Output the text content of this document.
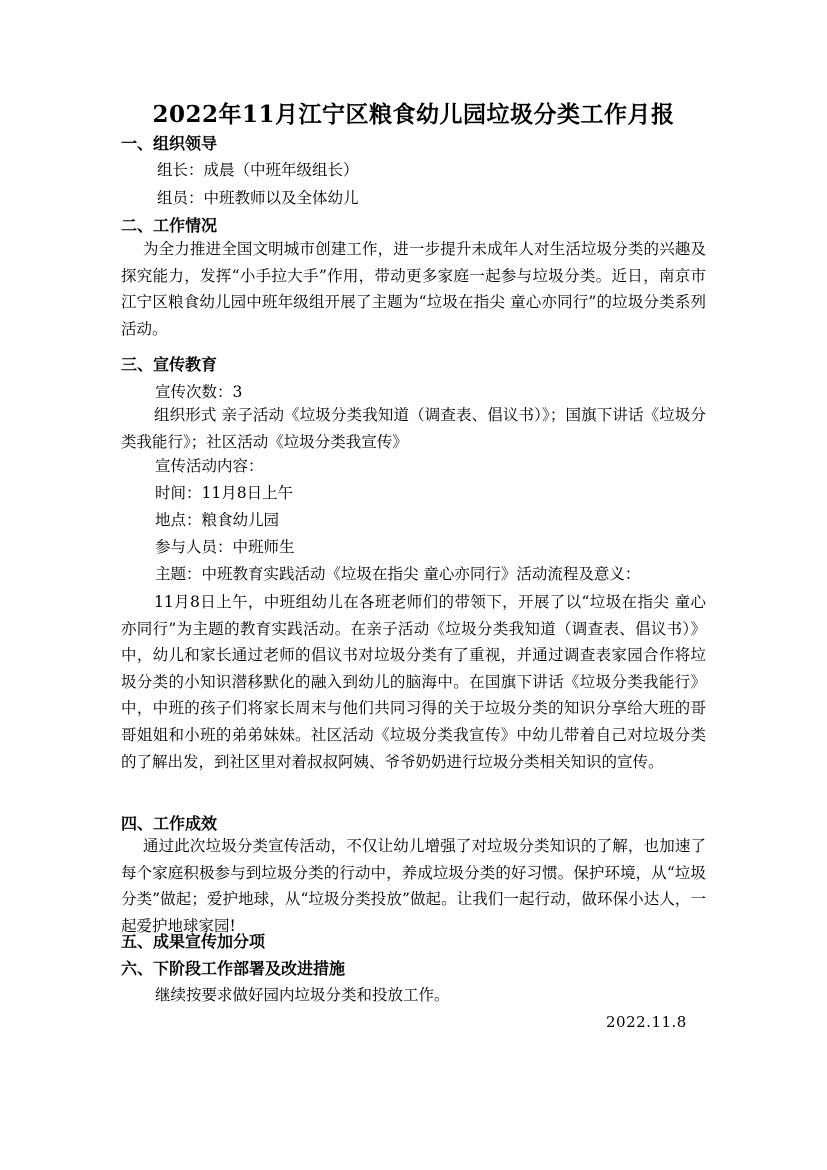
2022年11月江宁区粮食幼儿园垃圾分类工作月报
一、组织领导
组长：成晨（中班年级组长）
组员：中班教师以及全体幼儿
二、工作情况
为全力推进全国文明城市创建工作，进一步提升未成年人对生活垃圾分类的兴趣及探究能力，发挥“小手拉大手”作用，带动更多家庭一起参与垃圾分类。近日，南京市江宁区粮食幼儿园中班年级组开展了主题为“垃圾在指尖 童心亦同行”的垃圾分类系列活动。
三、宣传教育
宣传次数：3
组织形式 亲子活动《垃圾分类我知道（调查表、倡议书）》；国旗下讲话《垃圾分类我能行》；社区活动《垃圾分类我宣传》
宣传活动内容：
时间：11月8日上午
地点：粮食幼儿园
参与人员：中班师生
主题：中班教育实践活动《垃圾在指尖 童心亦同行》活动流程及意义：
11月8日上午，中班组幼儿在各班老师们的带领下，开展了以“垃圾在指尖 童心亦同行”为主题的教育实践活动。在亲子活动《垃圾分类我知道（调查表、倡议书）》中，幼儿和家长通过老师的倡议书对垃圾分类有了重视，并通过调查表家园合作将垃圾分类的小知识潜移默化的融入到幼儿的脑海中。在国旗下讲话《垃圾分类我能行》中，中班的孩子们将家长周末与他们共同习得的关于垃圾分类的知识分享给大班的哥哥姐姐和小班的弟弟妹妹。社区活动《垃圾分类我宣传》中幼儿带着自己对垃圾分类的了解出发，到社区里对着叔叔阿姨、爷爷奶奶进行垃圾分类相关知识的宣传。
四、工作成效
通过此次垃圾分类宣传活动，不仅让幼儿增强了对垃圾分类知识的了解，也加速了每个家庭积极参与到垃圾分类的行动中，养成垃圾分类的好习惯。保护环境，从“垃圾分类”做起；爱护地球，从“垃圾分类投放”做起。让我们一起行动，做环保小达人，一起爱护地球家园!
五、成果宣传加分项
六、下阶段工作部署及改进措施
继续按要求做好园内垃圾分类和投放工作。
2022.11.8
